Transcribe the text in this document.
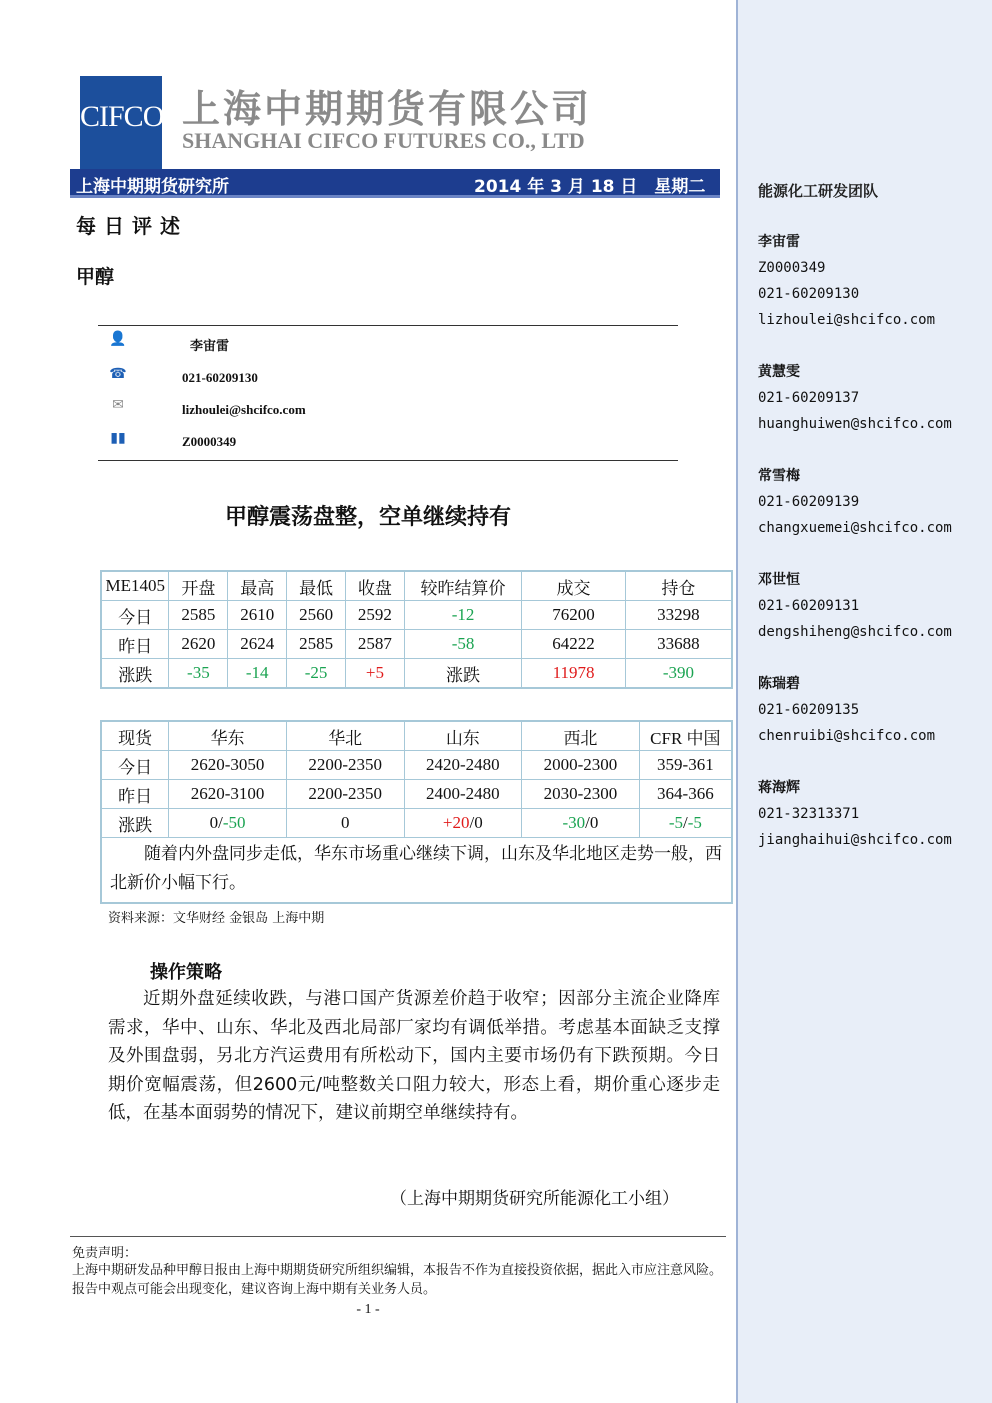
能源化工研发团队
李宙雷
Z0000349
021-60209130
lizhoulei@shcifco.com
黄慧雯
021-60209137
huanghuiwen@shcifco.com
常雪梅
021-60209139
changxuemei@shcifco.com
邓世恒
021-60209131
dengshiheng@shcifco.com
陈瑞碧
021-60209135
chenruibi@shcifco.com
蒋海辉
021-32313371
jianghaihui@shcifco.com
CIFCO 上海中期期货有限公司
SHANGHAI CIFCO FUTURES CO., LTD
上海中期期货研究所	2014 年 3 月 18 日　星期二
每日评述
甲醇
👤	李宙雷
☎	021-60209130
✉	lizhoulei@shcifco.com
▮▮	Z0000349
甲醇震荡盘整，空单继续持有
ME1405	开盘	最高	最低	收盘	较昨结算价	成交	持仓
今日	2585	2610	2560	2592	-12	76200	33298
昨日	2620	2624	2585	2587	-58	64222	33688
涨跌	-35	-14	-25	+5	涨跌	11978	-390
现货	华东	华北	山东	西北	CFR 中国
今日	2620-3050	2200-2350	2420-2480	2000-2300	359-361
昨日	2620-3100	2200-2350	2400-2480	2030-2300	364-366
涨跌	0/-50	0	+20/0	-30/0	-5/-5
随着内外盘同步走低，华东市场重心继续下调，山东及华北地区走势一般，西北新价小幅下行。					
资料来源：文华财经 金银岛 上海中期
操作策略
近期外盘延续收跌，与港口国产货源差价趋于收窄；因部分主流企业降库需求，华中、山东、华北及西北局部厂家均有调低举措。考虑基本面缺乏支撑及外围盘弱，另北方汽运费用有所松动下，国内主要市场仍有下跌预期。今日期价宽幅震荡，但2600元/吨整数关口阻力较大，形态上看，期价重心逐步走低，在基本面弱势的情况下，建议前期空单继续持有。
（上海中期期货研究所能源化工小组）
免责声明：
上海中期研发品种甲醇日报由上海中期期货研究所组织编辑，本报告不作为直接投资依据，据此入市应注意风险。报告中观点可能会出现变化，建议咨询上海中期有关业务人员。
- 1 -
